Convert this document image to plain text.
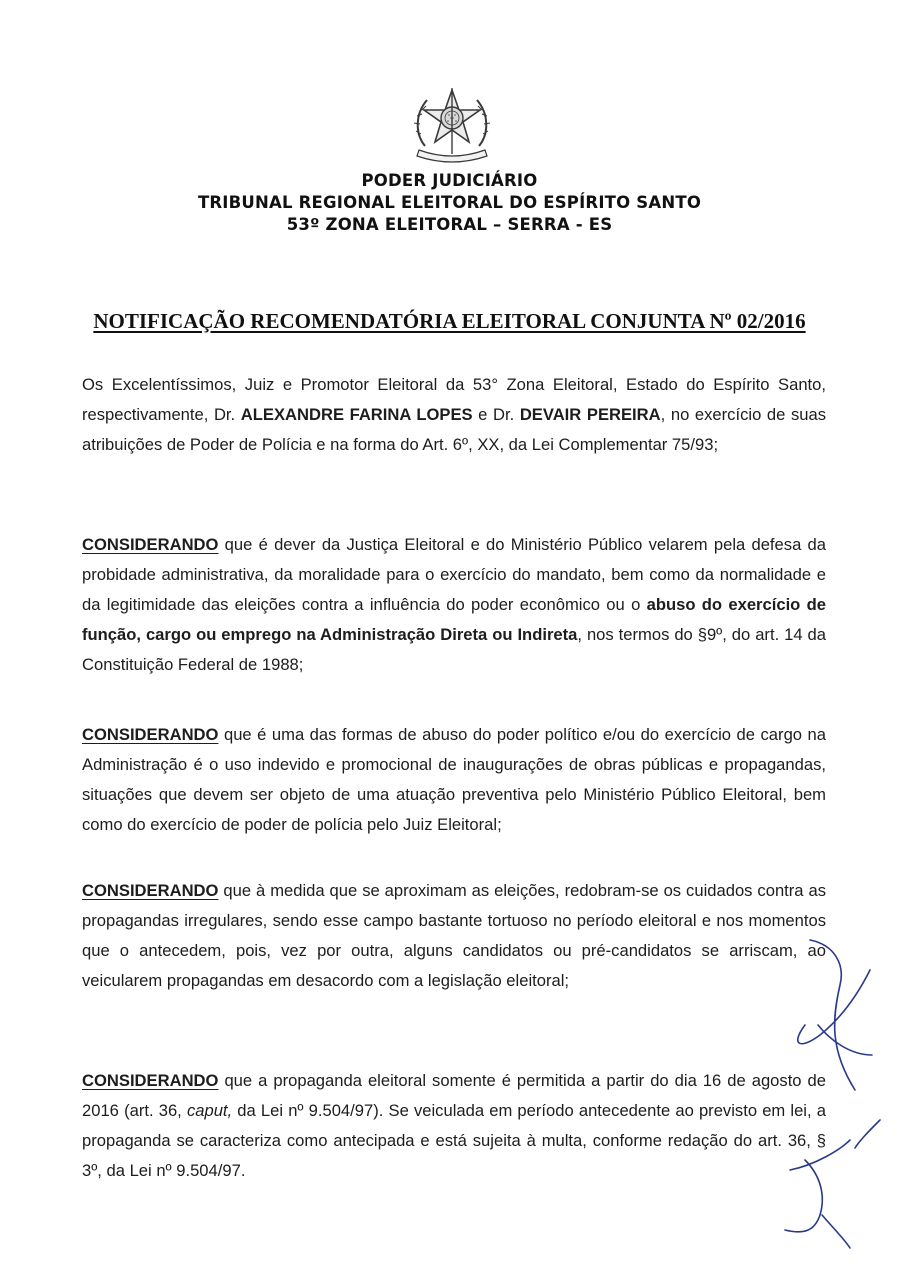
PODER JUDICIÁRIO
TRIBUNAL REGIONAL ELEITORAL DO ESPÍRITO SANTO
53º ZONA ELEITORAL – SERRA - ES
NOTIFICAÇÃO RECOMENDATÓRIA ELEITORAL CONJUNTA Nº 02/2016

Os Excelentíssimos, Juiz e Promotor Eleitoral da 53° Zona Eleitoral, Estado do Espírito Santo, respectivamente, Dr. ALEXANDRE FARINA LOPES e Dr. DEVAIR PEREIRA, no exercício de suas atribuições de Poder de Polícia e na forma do Art. 6º, XX, da Lei Complementar 75/93;

CONSIDERANDO que é dever da Justiça Eleitoral e do Ministério Público velarem pela defesa da probidade administrativa, da moralidade para o exercício do mandato, bem como da normalidade e da legitimidade das eleições contra a influência do poder econômico ou o abuso do exercício de função, cargo ou emprego na Administração Direta ou Indireta, nos termos do §9º, do art. 14 da Constituição Federal de 1988;

CONSIDERANDO que é uma das formas de abuso do poder político e/ou do exercício de cargo na Administração é o uso indevido e promocional de inaugurações de obras públicas e propagandas, situações que devem ser objeto de uma atuação preventiva pelo Ministério Público Eleitoral, bem como do exercício de poder de polícia pelo Juiz Eleitoral;

CONSIDERANDO que à medida que se aproximam as eleições, redobram-se os cuidados contra as propagandas irregulares, sendo esse campo bastante tortuoso no período eleitoral e nos momentos que o antecedem, pois, vez por outra, alguns candidatos ou pré-candidatos se arriscam, ao veicularem propagandas em desacordo com a legislação eleitoral;

CONSIDERANDO que a propaganda eleitoral somente é permitida a partir do dia 16 de agosto de 2016 (art. 36, caput, da Lei nº 9.504/97). Se veiculada em período antecedente ao previsto em lei, a propaganda se caracteriza como antecipada e está sujeita à multa, conforme redação do art. 36, § 3º, da Lei nº 9.504/97.
